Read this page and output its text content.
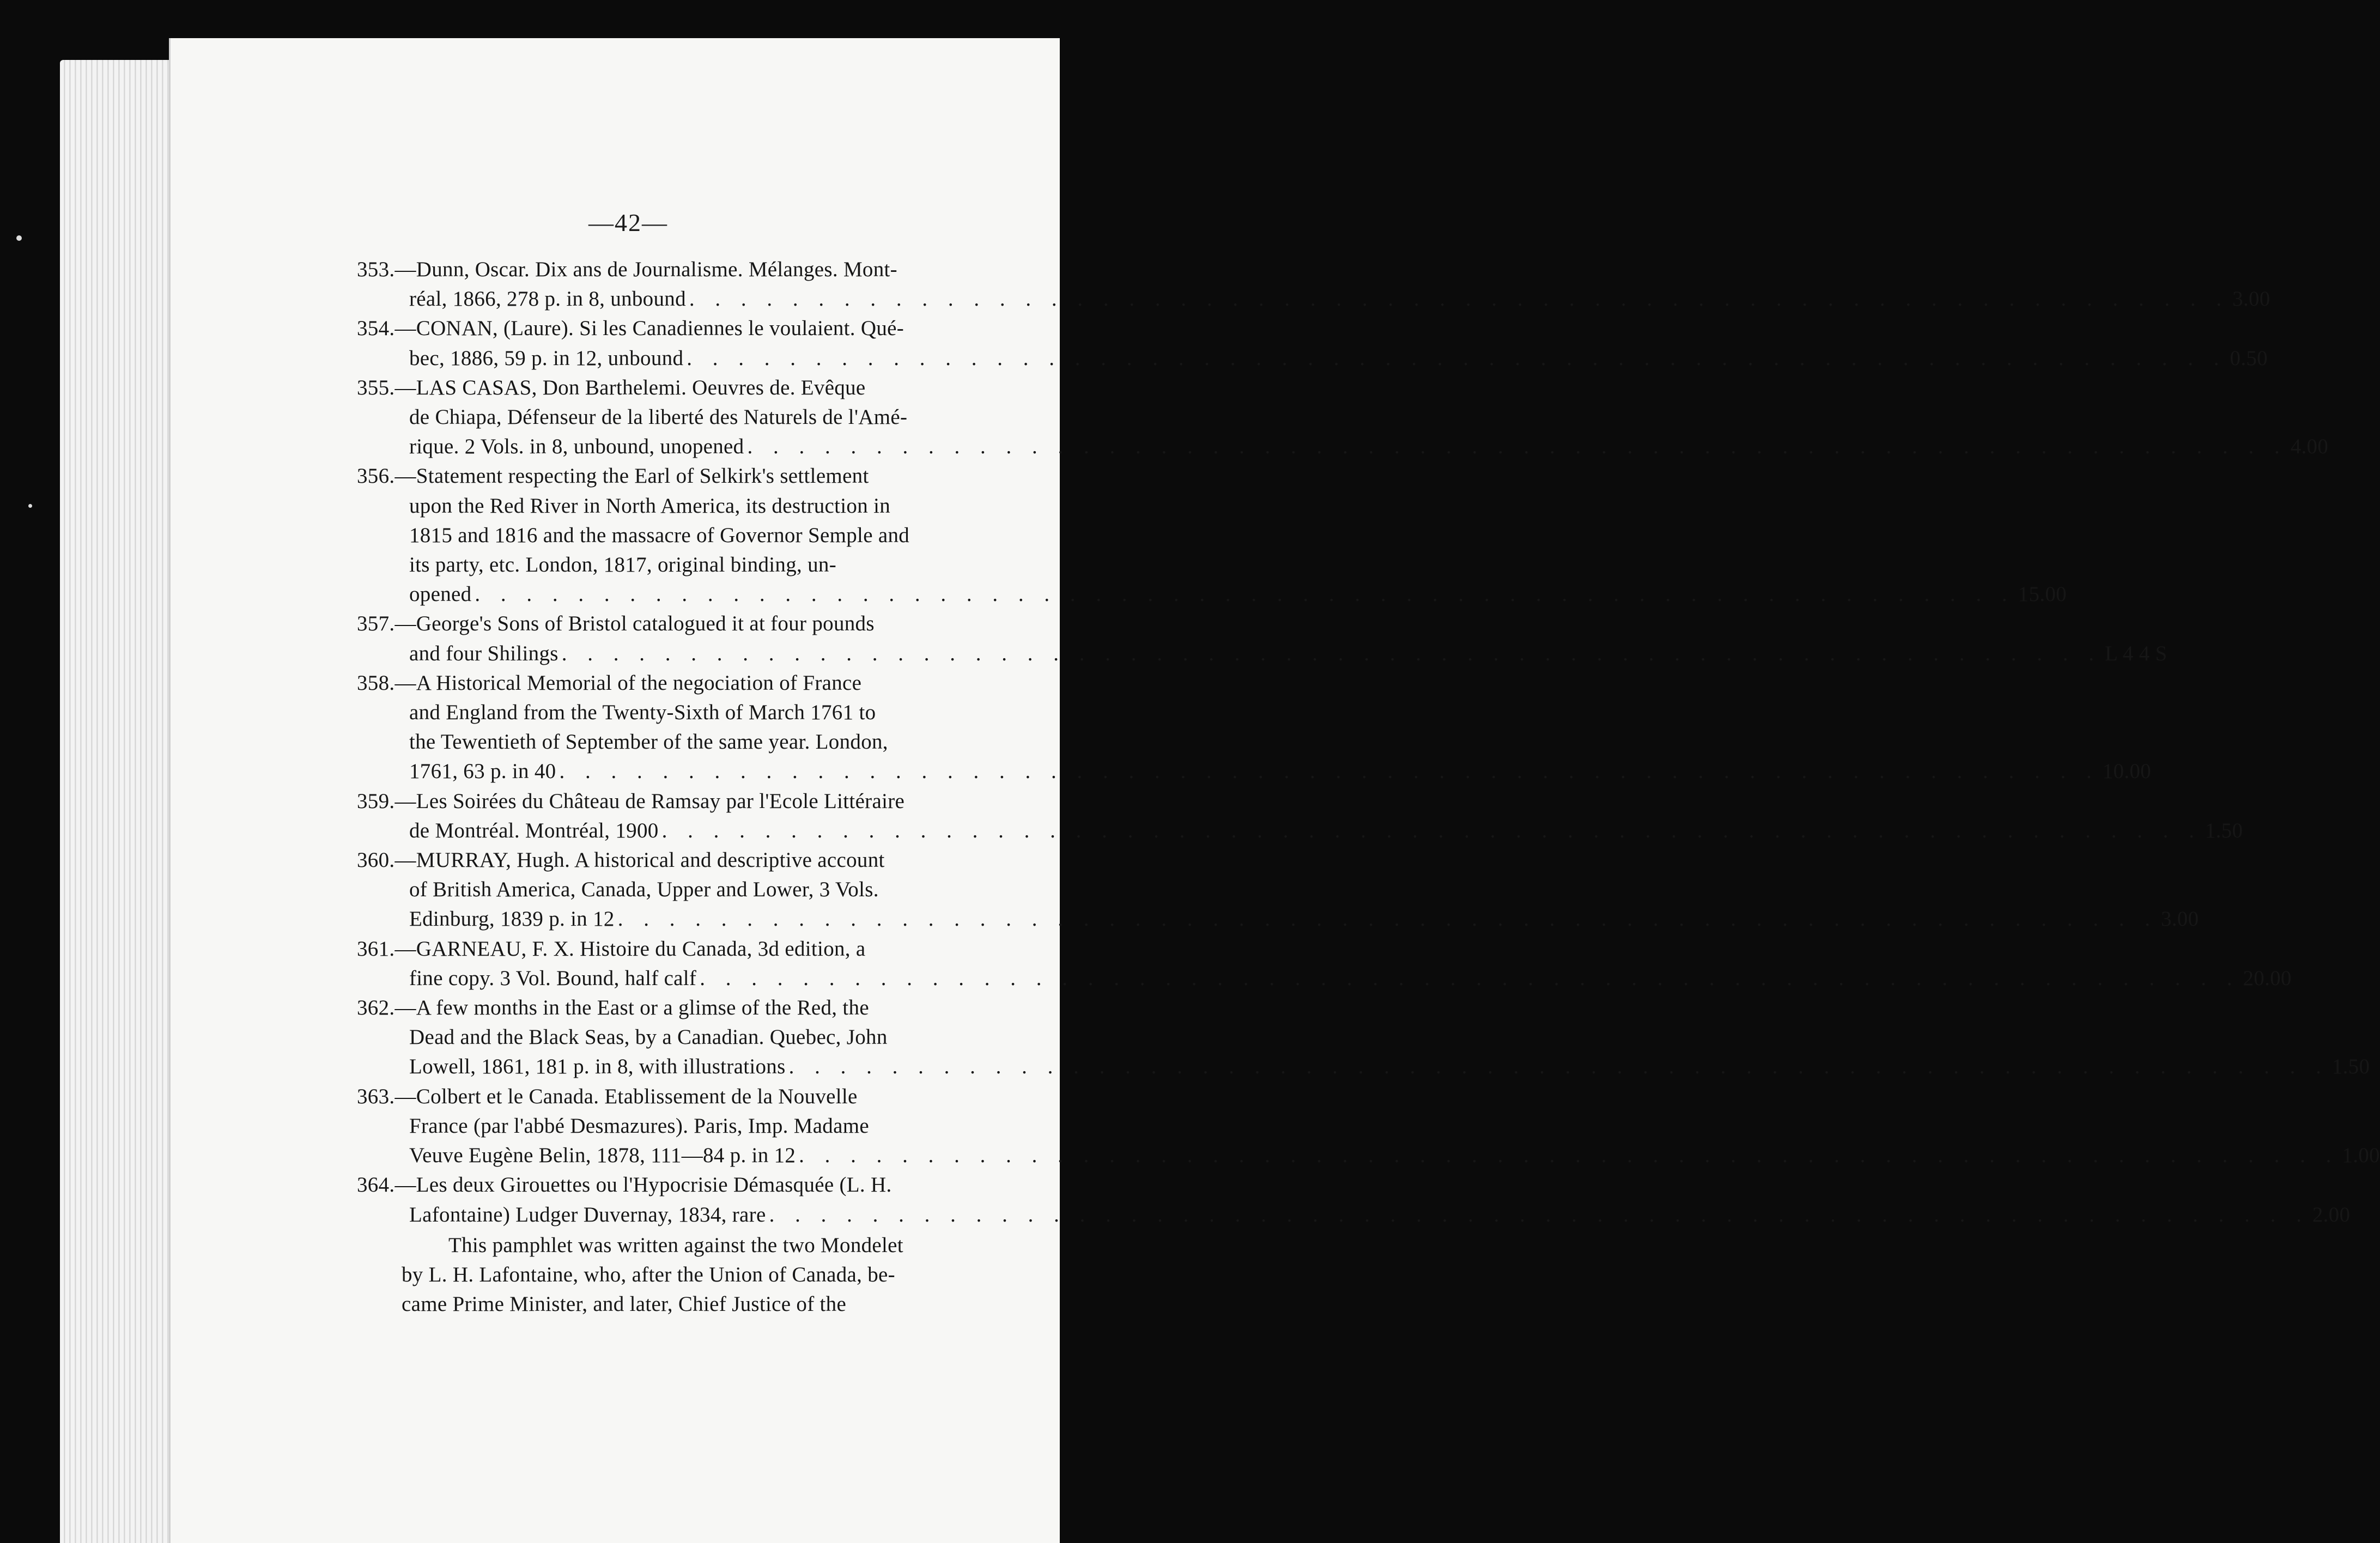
—42—
353.—Dunn, Oscar. Dix ans de Journalisme. Mélanges. Mont-
réal, 1866, 278 p. in 8, unbound . . . . . . . . . . . . . . . . . . . . . . . . . . . . . . . . . . . . . . . . . . . . . . . . . . . . . . . . . . . . 3.00
354.—CONAN, (Laure). Si les Canadiennes le voulaient. Qué-
bec, 1886, 59 p. in 12, unbound . . . . . . . . . . . . . . . . . . . . . . . . . . . . . . . . . . . . . . . . . . . . . . . . . . . . . . . . . . . . 0.50
355.—LAS CASAS, Don Barthelemi. Oeuvres de. Evêque
de Chiapa, Défenseur de la liberté des Naturels de l'Amé-
rique. 2 Vols. in 8, unbound, unopened . . . . . . . . . . . . . . . . . . . . . . . . . . . . . . . . . . . . . . . . . . . . . . . . . . . . . . . . . . . . 4.00
356.—Statement respecting the Earl of Selkirk's settlement
upon the Red River in North America, its destruction in
1815 and 1816 and the massacre of Governor Semple and
its party, etc. London, 1817, original binding, un-
opened . . . . . . . . . . . . . . . . . . . . . . . . . . . . . . . . . . . . . . . . . . . . . . . . . . . . . . . . . . . . 15.00
357.—George's Sons of Bristol catalogued it at four pounds
and four Shilings . . . . . . . . . . . . . . . . . . . . . . . . . . . . . . . . . . . . . . . . . . . . . . . . . . . . . . . . . . . . L 4 4 S
358.—A Historical Memorial of the negociation of France
and England from the Twenty-Sixth of March 1761 to
the Tewentieth of September of the same year. London,
1761, 63 p. in 40 . . . . . . . . . . . . . . . . . . . . . . . . . . . . . . . . . . . . . . . . . . . . . . . . . . . . . . . . . . . . 10.00
359.—Les Soirées du Château de Ramsay par l'Ecole Littéraire
de Montréal. Montréal, 1900 . . . . . . . . . . . . . . . . . . . . . . . . . . . . . . . . . . . . . . . . . . . . . . . . . . . . . . . . . . . . 1.50
360.—MURRAY, Hugh. A historical and descriptive account
of British America, Canada, Upper and Lower, 3 Vols.
Edinburg, 1839 p. in 12 . . . . . . . . . . . . . . . . . . . . . . . . . . . . . . . . . . . . . . . . . . . . . . . . . . . . . . . . . . . . 3.00
361.—GARNEAU, F. X. Histoire du Canada, 3d edition, a
fine copy. 3 Vol. Bound, half calf . . . . . . . . . . . . . . . . . . . . . . . . . . . . . . . . . . . . . . . . . . . . . . . . . . . . . . . . . . . . 20.00
362.—A few months in the East or a glimse of the Red, the
Dead and the Black Seas, by a Canadian. Quebec, John
Lowell, 1861, 181 p. in 8, with illustrations . . . . . . . . . . . . . . . . . . . . . . . . . . . . . . . . . . . . . . . . . . . . . . . . . . . . . . . . . . . . 1.50
363.—Colbert et le Canada. Etablissement de la Nouvelle
France (par l'abbé Desmazures). Paris, Imp. Madame
Veuve Eugène Belin, 1878, 111—84 p. in 12 . . . . . . . . . . . . . . . . . . . . . . . . . . . . . . . . . . . . . . . . . . . . . . . . . . . . . . . . . . . . 1.00
364.—Les deux Girouettes ou l'Hypocrisie Démasquée (L. H.
Lafontaine) Ludger Duvernay, 1834, rare . . . . . . . . . . . . . . . . . . . . . . . . . . . . . . . . . . . . . . . . . . . . . . . . . . . . . . . . . . . . 2.00
This pamphlet was written against the two Mondelet
by L. H. Lafontaine, who, after the Union of Canada, be-
came Prime Minister, and later, Chief Justice of the
